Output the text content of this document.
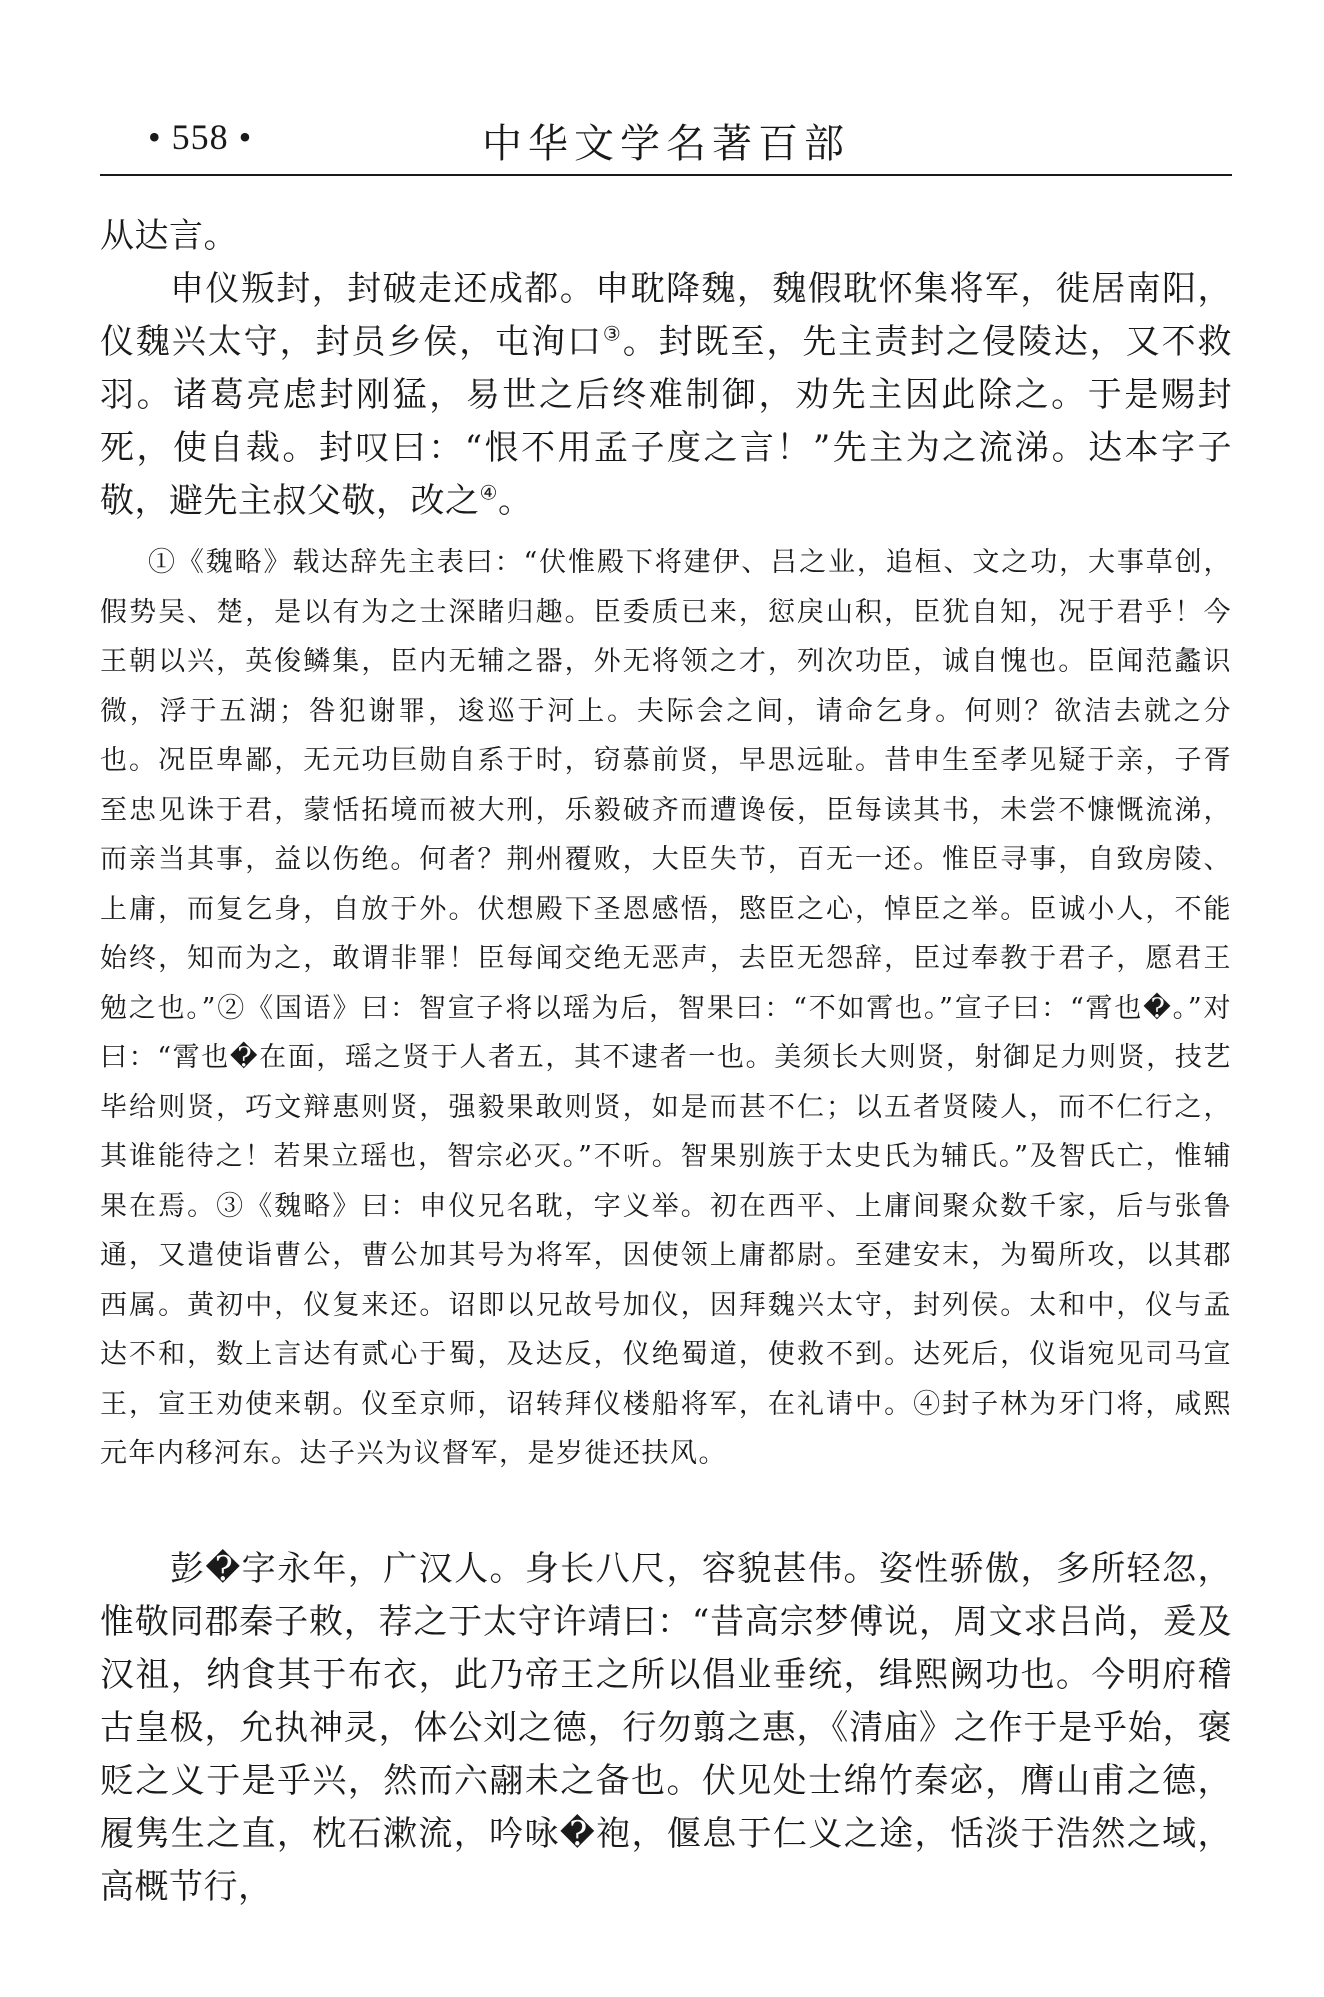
• 558 •	中华文学名著百部

从达言。

申仪叛封，封破走还成都。申耽降魏，魏假耽怀集将军，徙居南阳，仪魏兴太守，封员乡侯，屯洵口③。封既至，先主责封之侵陵达，又不救羽。诸葛亮虑封刚猛，易世之后终难制御，劝先主因此除之。于是赐封死，使自裁。封叹曰：“恨不用孟子度之言！”先主为之流涕。达本字子敬，避先主叔父敬，改之④。

①《魏略》载达辞先主表曰：“伏惟殿下将建伊、吕之业，追桓、文之功，大事草创，假势吴、楚，是以有为之士深睹归趣。臣委质已来，愆戾山积，臣犹自知，况于君乎！今王朝以兴，英俊鳞集，臣内无辅之器，外无将领之才，列次功臣，诚自愧也。臣闻范蠡识微，浮于五湖；咎犯谢罪，逡巡于河上。夫际会之间，请命乞身。何则？欲洁去就之分也。况臣卑鄙，无元功巨勋自系于时，窃慕前贤，早思远耻。昔申生至孝见疑于亲，子胥至忠见诛于君，蒙恬拓境而被大刑，乐毅破齐而遭谗佞，臣每读其书，未尝不慷慨流涕，而亲当其事，益以伤绝。何者？荆州覆败，大臣失节，百无一还。惟臣寻事，自致房陵、上庸，而复乞身，自放于外。伏想殿下圣恩感悟，愍臣之心，悼臣之举。臣诚小人，不能始终，知而为之，敢谓非罪！臣每闻交绝无恶声，去臣无怨辞，臣过奉教于君子，愿君王勉之也。”②《国语》曰：智宣子将以瑶为后，智果曰：“不如霄也。”宣子曰：“霄也�。”对曰：“霄也�在面，瑶之贤于人者五，其不逮者一也。美须长大则贤，射御足力则贤，技艺毕给则贤，巧文辩惠则贤，强毅果敢则贤，如是而甚不仁；以五者贤陵人，而不仁行之，其谁能待之！若果立瑶也，智宗必灭。”不听。智果别族于太史氏为辅氏。”及智氏亡，惟辅果在焉。③《魏略》曰：申仪兄名耽，字义举。初在西平、上庸间聚众数千家，后与张鲁通，又遣使诣曹公，曹公加其号为将军，因使领上庸都尉。至建安末，为蜀所攻，以其郡西属。黄初中，仪复来还。诏即以兄故号加仪，因拜魏兴太守，封列侯。太和中，仪与孟达不和，数上言达有贰心于蜀，及达反，仪绝蜀道，使救不到。达死后，仪诣宛见司马宣王，宣王劝使来朝。仪至京师，诏转拜仪楼船将军，在礼请中。④封子林为牙门将，咸熙元年内移河东。达子兴为议督军，是岁徙还扶风。

彭�字永年，广汉人。身长八尺，容貌甚伟。姿性骄傲，多所轻忽，惟敬同郡秦子敕，荐之于太守许靖曰：“昔高宗梦傅说，周文求吕尚，爰及汉祖，纳食其于布衣，此乃帝王之所以倡业垂统，缉熙阙功也。今明府稽古皇极，允执神灵，体公刘之德，行勿翦之惠，《清庙》之作于是乎始，褒贬之义于是乎兴，然而六翮未之备也。伏见处士绵竹秦宓，膺山甫之德，履隽生之直，枕石漱流，吟咏�袍，偃息于仁义之途，恬淡于浩然之域，高概节行，
